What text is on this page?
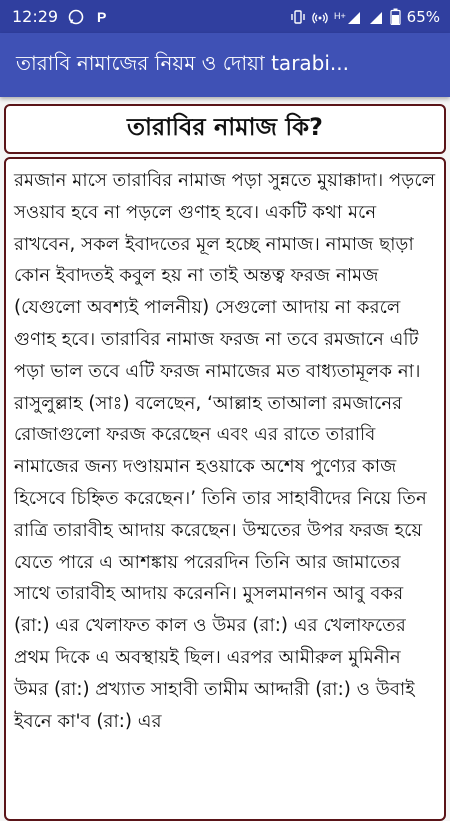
12:29	P	H+	65%
তারাবি নামাজের নিয়ম ও দোয়া tarabi...
তারাবির নামাজ কি?
রমজান মাসে তারাবির নামাজ পড়া সুন্নতে মুয়াক্কাদা। পড়লে সওয়াব হবে না পড়লে গুণাহ হবে। একটি কথা মনে রাখবেন, সকল ইবাদতের মূল হচ্ছে নামাজ। নামাজ ছাড়া কোন ইবাদতই কবুল হয় না তাই অন্তত্ব ফরজ নামজ (যেগুলো অবশ্যই পালনীয়) সেগুলো আদায় না করলে গুণাহ হবে। তারাবির নামাজ ফরজ না তবে রমজানে এটি পড়া ভাল তবে এটি ফরজ নামাজের মত বাধ্যতামূলক না। রাসুলুল্লাহ (সাঃ) বলেছেন, ‘আল্লাহ তাআলা রমজানের রোজাগুলো ফরজ করেছেন এবং এর রাতে তারাবি নামাজের জন্য দণ্ডায়মান হওয়াকে অশেষ পুণ্যের কাজ হিসেবে চিহ্নিত করেছেন।’ তিনি তার সাহাবীদের নিয়ে তিন রাত্রি তারাবীহ আদায় করেছেন। উম্মতের উপর ফরজ হয়ে যেতে পারে এ আশঙ্কায় পরেরদিন তিনি আর জামাতের সাথে তারাবীহ আদায় করেননি। মুসলমানগন আবু বকর (রা:) এর খেলাফত কাল ও উমর (রা:) এর খেলাফতের প্রথম দিকে এ অবস্থায়ই ছিল। এরপর আমীরুল মুমিনীন উমর (রা:) প্রখ্যাত সাহাবী তামীম আদ্দারী (রা:) ও উবাই ইবনে কা'ব (রা:) এর
